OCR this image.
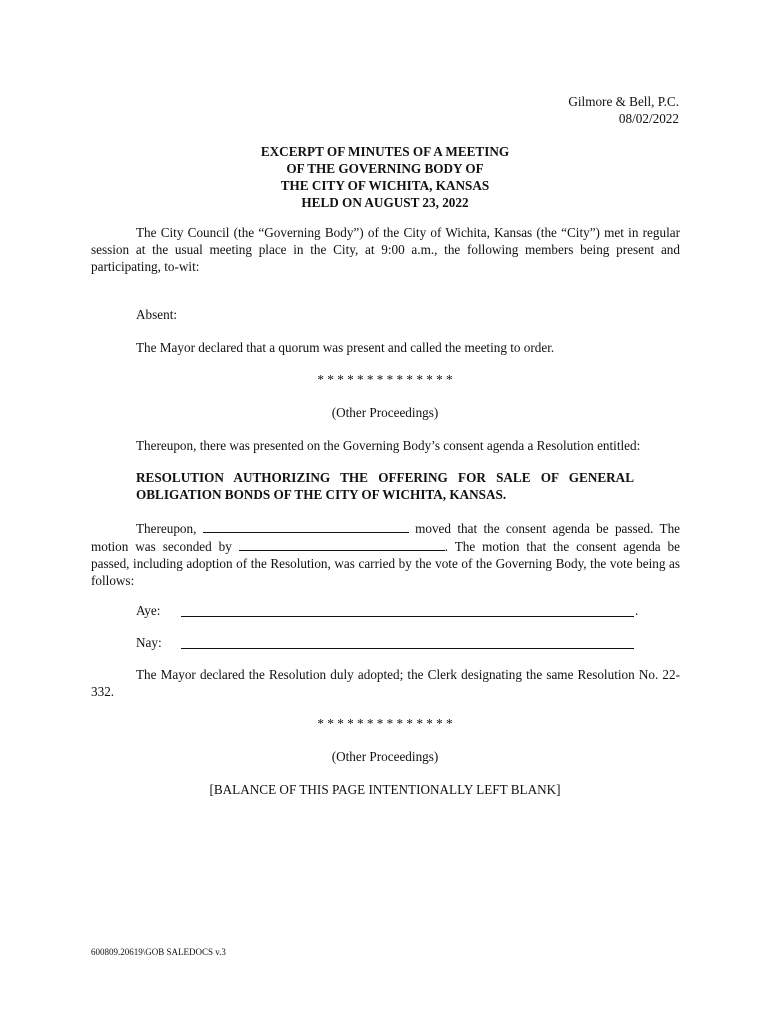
Gilmore & Bell, P.C.
08/02/2022
EXCERPT OF MINUTES OF A MEETING
OF THE GOVERNING BODY OF
THE CITY OF WICHITA, KANSAS
HELD ON AUGUST 23, 2022
The City Council (the “Governing Body”) of the City of Wichita, Kansas (the “City”) met in regular session at the usual meeting place in the City, at 9:00 a.m., the following members being present and participating, to-wit:
Absent:
The Mayor declared that a quorum was present and called the meeting to order.
* * * * * * * * * * * * * *
(Other Proceedings)
Thereupon, there was presented on the Governing Body’s consent agenda a Resolution entitled:
RESOLUTION AUTHORIZING THE OFFERING FOR SALE OF GENERAL OBLIGATION BONDS OF THE CITY OF WICHITA, KANSAS.
Thereupon,	moved that the consent agenda be passed. The motion was seconded by	. The motion that the consent agenda be passed, including adoption of the Resolution, was carried by the vote of the Governing Body, the vote being as follows:
Aye:	.
Nay:
The Mayor declared the Resolution duly adopted; the Clerk designating the same Resolution No. 22-332.
* * * * * * * * * * * * * *
(Other Proceedings)
[BALANCE OF THIS PAGE INTENTIONALLY LEFT BLANK]
600809.20619\GOB SALEDOCS v.3
